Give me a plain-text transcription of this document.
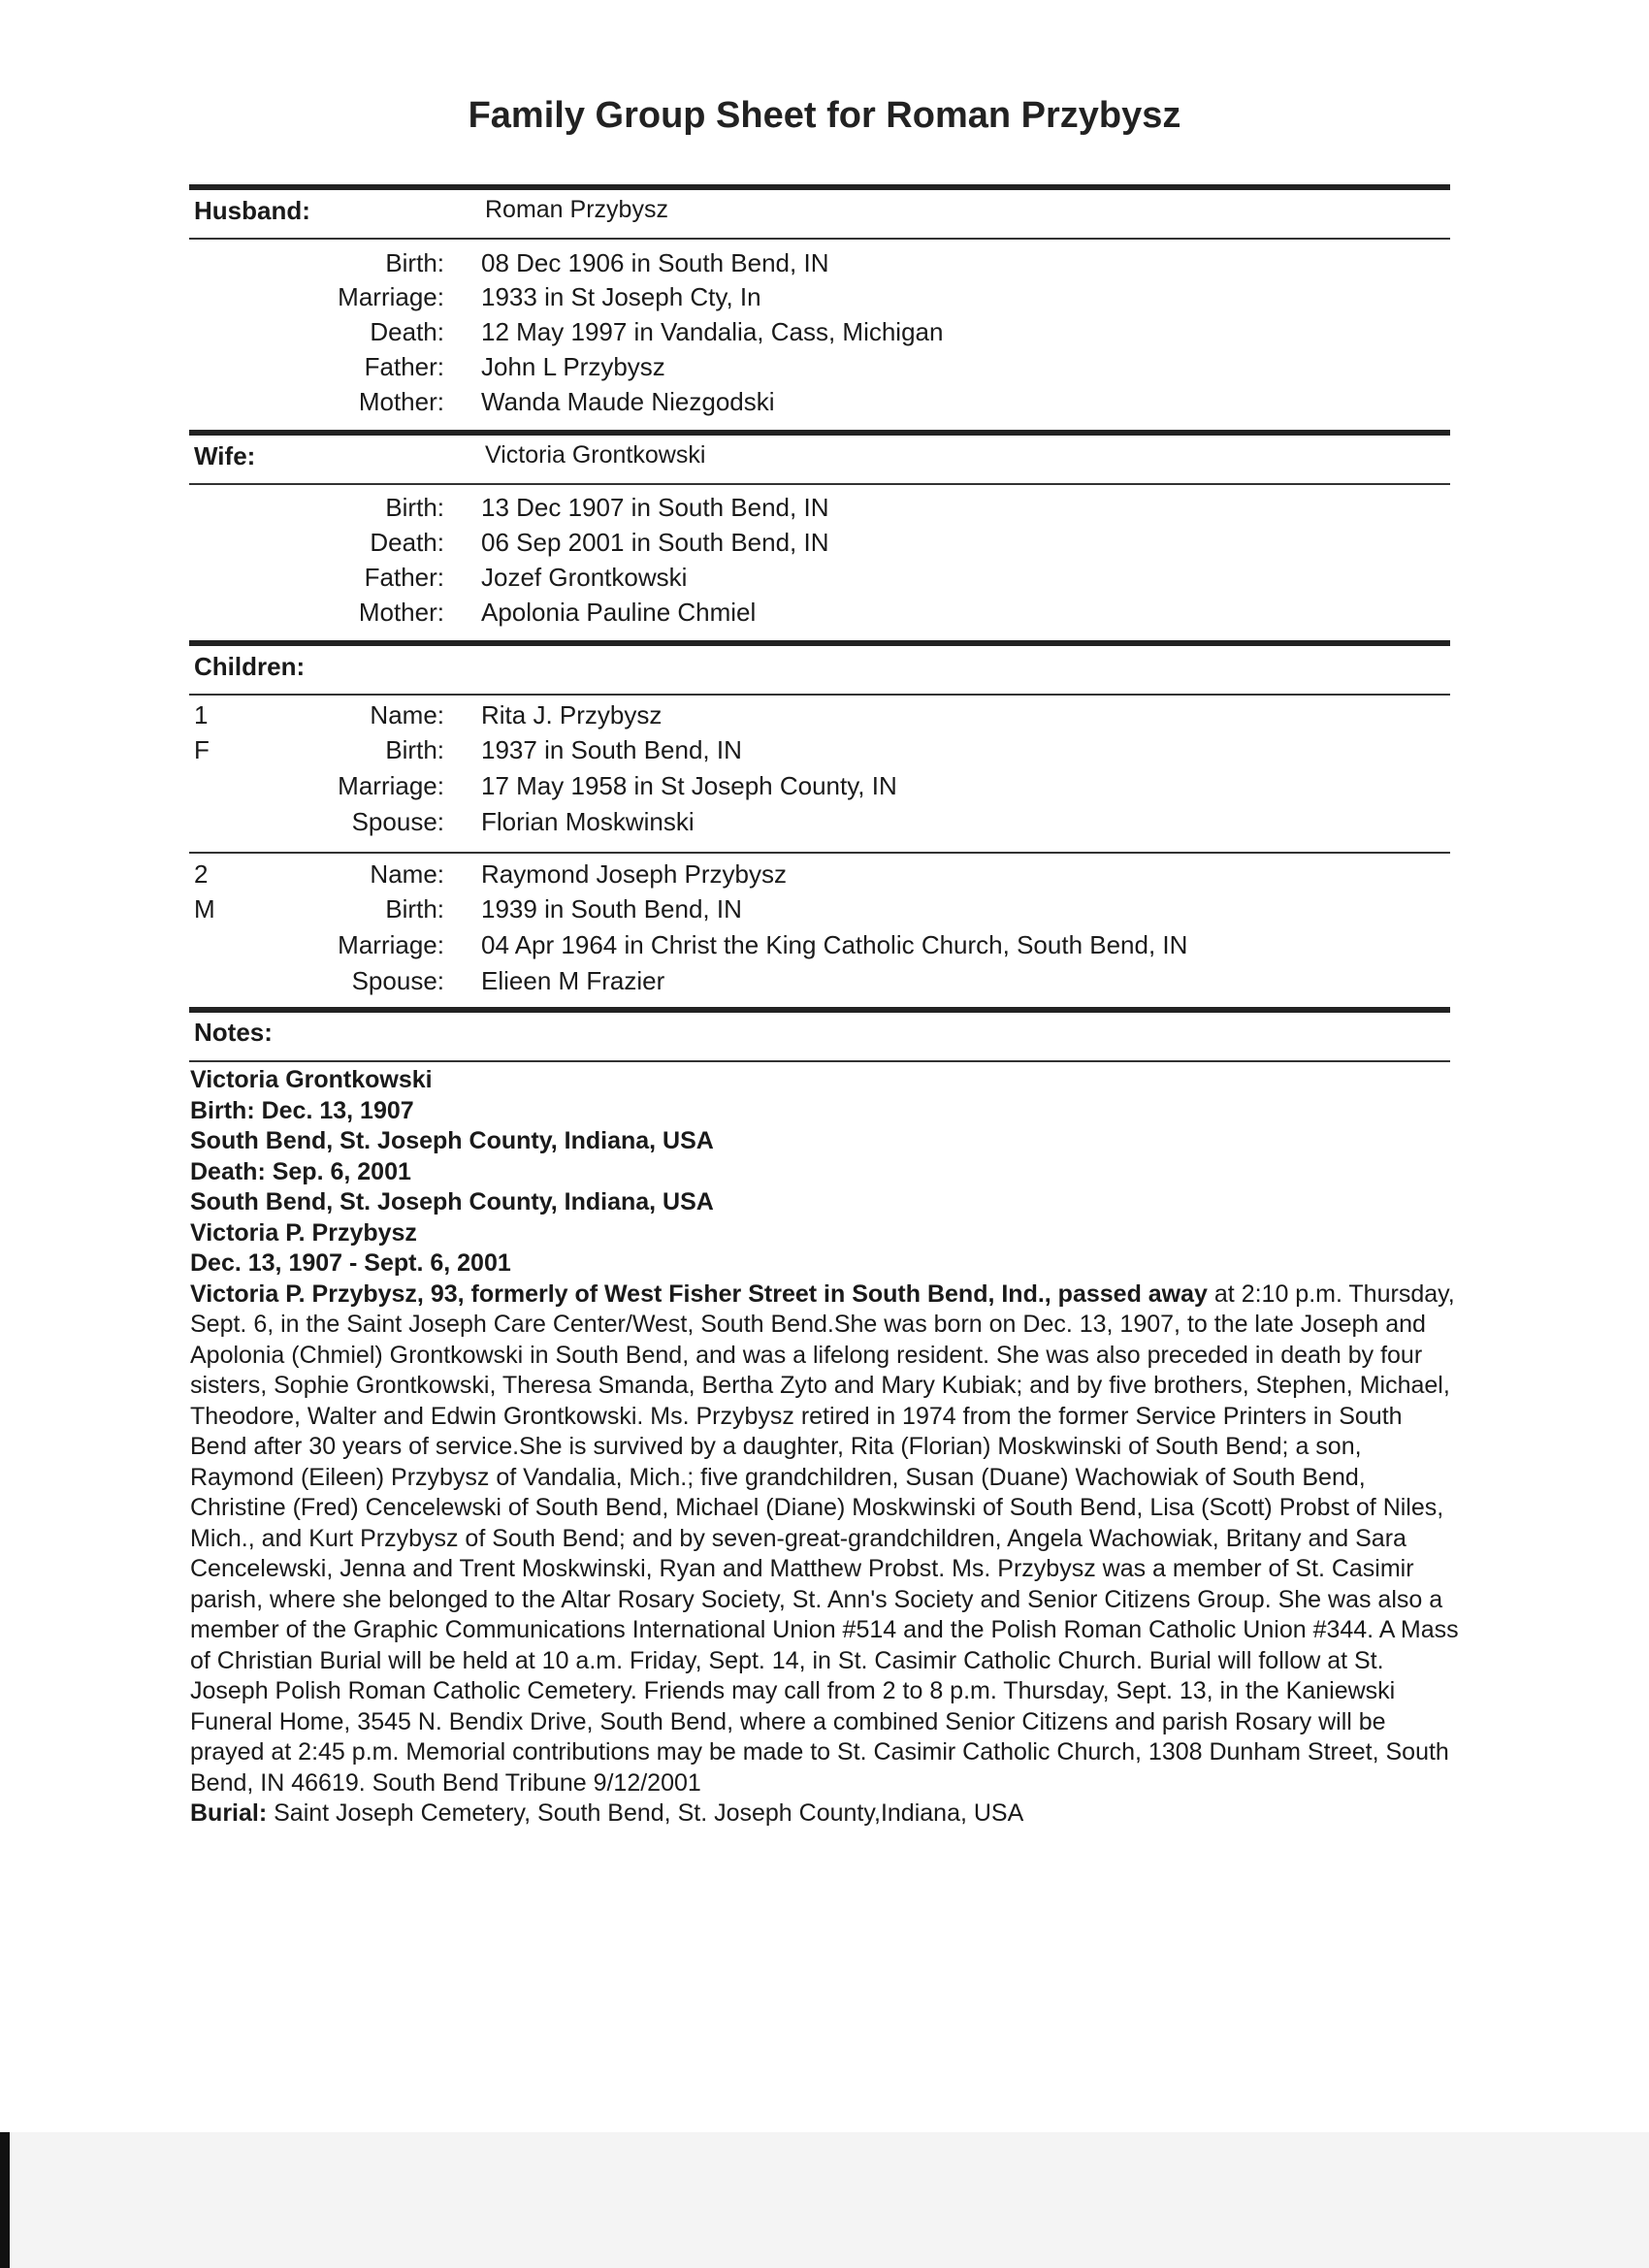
Family Group Sheet for Roman Przybysz
Husband:	Roman Przybysz
Birth: 08 Dec 1906 in South Bend, IN
Marriage: 1933 in St Joseph Cty, In
Death: 12 May 1997 in Vandalia, Cass, Michigan
Father: John L Przybysz
Mother: Wanda Maude Niezgodski
Wife:	Victoria Grontkowski
Birth: 13 Dec 1907 in South Bend, IN
Death: 06 Sep 2001 in South Bend, IN
Father: Jozef Grontkowski
Mother: Apolonia Pauline Chmiel
Children:
1
F
Name: Rita J. Przybysz
Birth: 1937 in South Bend, IN
Marriage: 17 May 1958 in St Joseph County, IN
Spouse: Florian Moskwinski
2
M
Name: Raymond Joseph Przybysz
Birth: 1939 in South Bend, IN
Marriage: 04 Apr 1964 in Christ the King Catholic Church, South Bend, IN
Spouse: Elieen M Frazier
Notes:
Victoria Grontkowski
Birth: Dec. 13, 1907
South Bend, St. Joseph County, Indiana, USA
Death: Sep. 6, 2001
South Bend, St. Joseph County, Indiana, USA
Victoria P. Przybysz
Dec. 13, 1907 - Sept. 6, 2001

Victoria P. Przybysz, 93, formerly of West Fisher Street in South Bend, Ind., passed away at 2:10 p.m. Thursday, Sept. 6, in the Saint Joseph Care Center/West, South Bend.She was born on Dec. 13, 1907, to the late Joseph and Apolonia (Chmiel) Grontkowski in South Bend, and was a lifelong resident. She was also preceded in death by four sisters, Sophie Grontkowski, Theresa Smanda, Bertha Zyto and Mary Kubiak; and by five brothers, Stephen, Michael, Theodore, Walter and Edwin Grontkowski. Ms. Przybysz retired in 1974 from the former Service Printers in South Bend after 30 years of service.She is survived by a daughter, Rita (Florian) Moskwinski of South Bend; a son, Raymond (Eileen) Przybysz of Vandalia, Mich.; five grandchildren, Susan (Duane) Wachowiak of South Bend, Christine (Fred) Cencelewski of South Bend, Michael (Diane) Moskwinski of South Bend, Lisa (Scott) Probst of Niles, Mich., and Kurt Przybysz of South Bend; and by seven-great-grandchildren, Angela Wachowiak, Britany and Sara Cencelewski, Jenna and Trent Moskwinski, Ryan and Matthew Probst. Ms. Przybysz was a member of St. Casimir parish, where she belonged to the Altar Rosary Society, St. Ann's Society and Senior Citizens Group. She was also a member of the Graphic Communications International Union #514 and the Polish Roman Catholic Union #344. A Mass of Christian Burial will be held at 10 a.m. Friday, Sept. 14, in St. Casimir Catholic Church. Burial will follow at St. Joseph Polish Roman Catholic Cemetery. Friends may call from 2 to 8 p.m. Thursday, Sept. 13, in the Kaniewski Funeral Home, 3545 N. Bendix Drive, South Bend, where a combined Senior Citizens and parish Rosary will be prayed at 2:45 p.m. Memorial contributions may be made to St. Casimir Catholic Church, 1308 Dunham Street, South Bend, IN 46619. South Bend Tribune 9/12/2001

Burial: Saint Joseph Cemetery, South Bend, St. Joseph County,Indiana, USA
